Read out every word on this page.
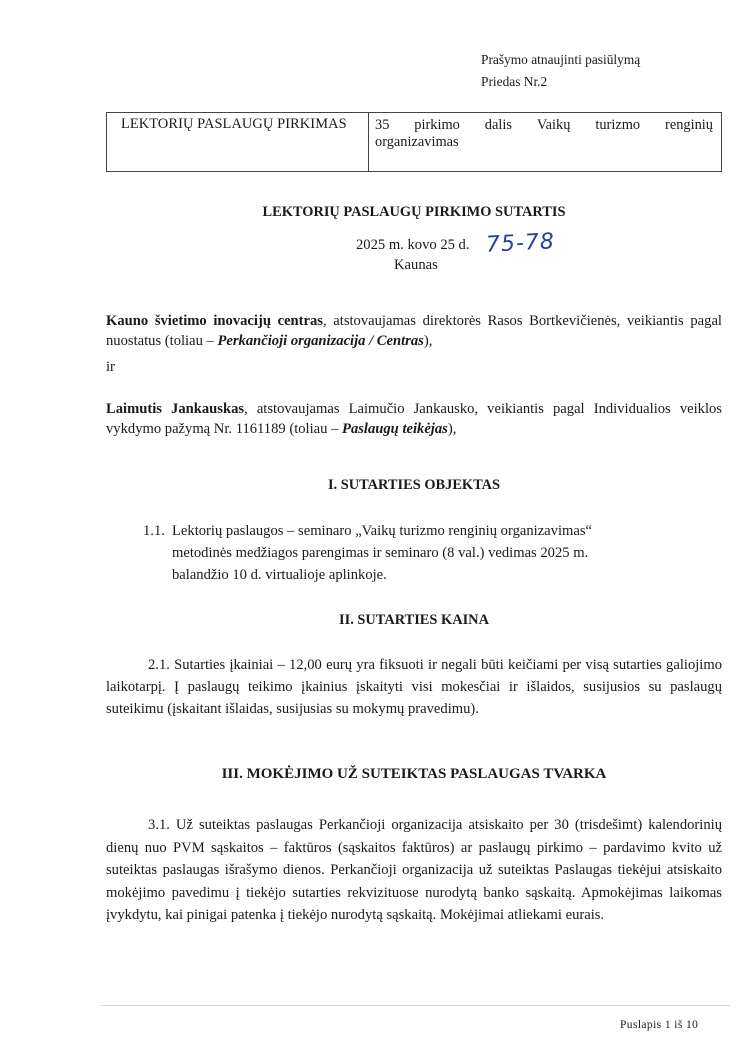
Prašymo atnaujinti pasiūlymą
Priedas Nr.2
LEKTORIŲ PASLAUGŲ PIRKIMAS	35 pirkimo dalis Vaikų turizmo renginių
organizavimas
LEKTORIŲ PASLAUGŲ PIRKIMO SUTARTIS
2025 m. kovo 25 d. 75-78
Kaunas
Kauno švietimo inovacijų centras, atstovaujamas direktorės Rasos Bortkevičienės, veikiantis pagal nuostatus (toliau – Perkančioji organizacija / Centras),
ir
Laimutis Jankauskas, atstovaujamas Laimučio Jankausko, veikiantis pagal Individualios veiklos vykdymo pažymą Nr. 1161189 (toliau – Paslaugų teikėjas),
I. SUTARTIES OBJEKTAS
1.1. Lektorių paslaugos – seminaro „Vaikų turizmo renginių organizavimas“ metodinės medžiagos parengimas ir seminaro (8 val.) vedimas 2025 m. balandžio 10 d. virtualioje aplinkoje.
II. SUTARTIES KAINA
2.1. Sutarties įkainiai – 12,00 eurų yra fiksuoti ir negali būti keičiami per visą sutarties galiojimo laikotarpį. Į paslaugų teikimo įkainius įskaityti visi mokesčiai ir išlaidos, susijusios su paslaugų suteikimu (įskaitant išlaidas, susijusias su mokymų pravedimu).
III. MOKĖJIMO UŽ SUTEIKTAS PASLAUGAS TVARKA
3.1. Už suteiktas paslaugas Perkančioji organizacija atsiskaito per 30 (trisdešimt) kalendorinių dienų nuo PVM sąskaitos – faktūros (sąskaitos faktūros) ar paslaugų pirkimo – pardavimo kvito už suteiktas paslaugas išrašymo dienos. Perkančioji organizacija už suteiktas Paslaugas tiekėjui atsiskaito mokėjimo pavedimu į tiekėjo sutarties rekvizituose nurodytą banko sąskaitą. Apmokėjimas laikomas įvykdytu, kai pinigai patenka į tiekėjo nurodytą sąskaitą. Mokėjimai atliekami eurais.
Puslapis 1 iš 10
